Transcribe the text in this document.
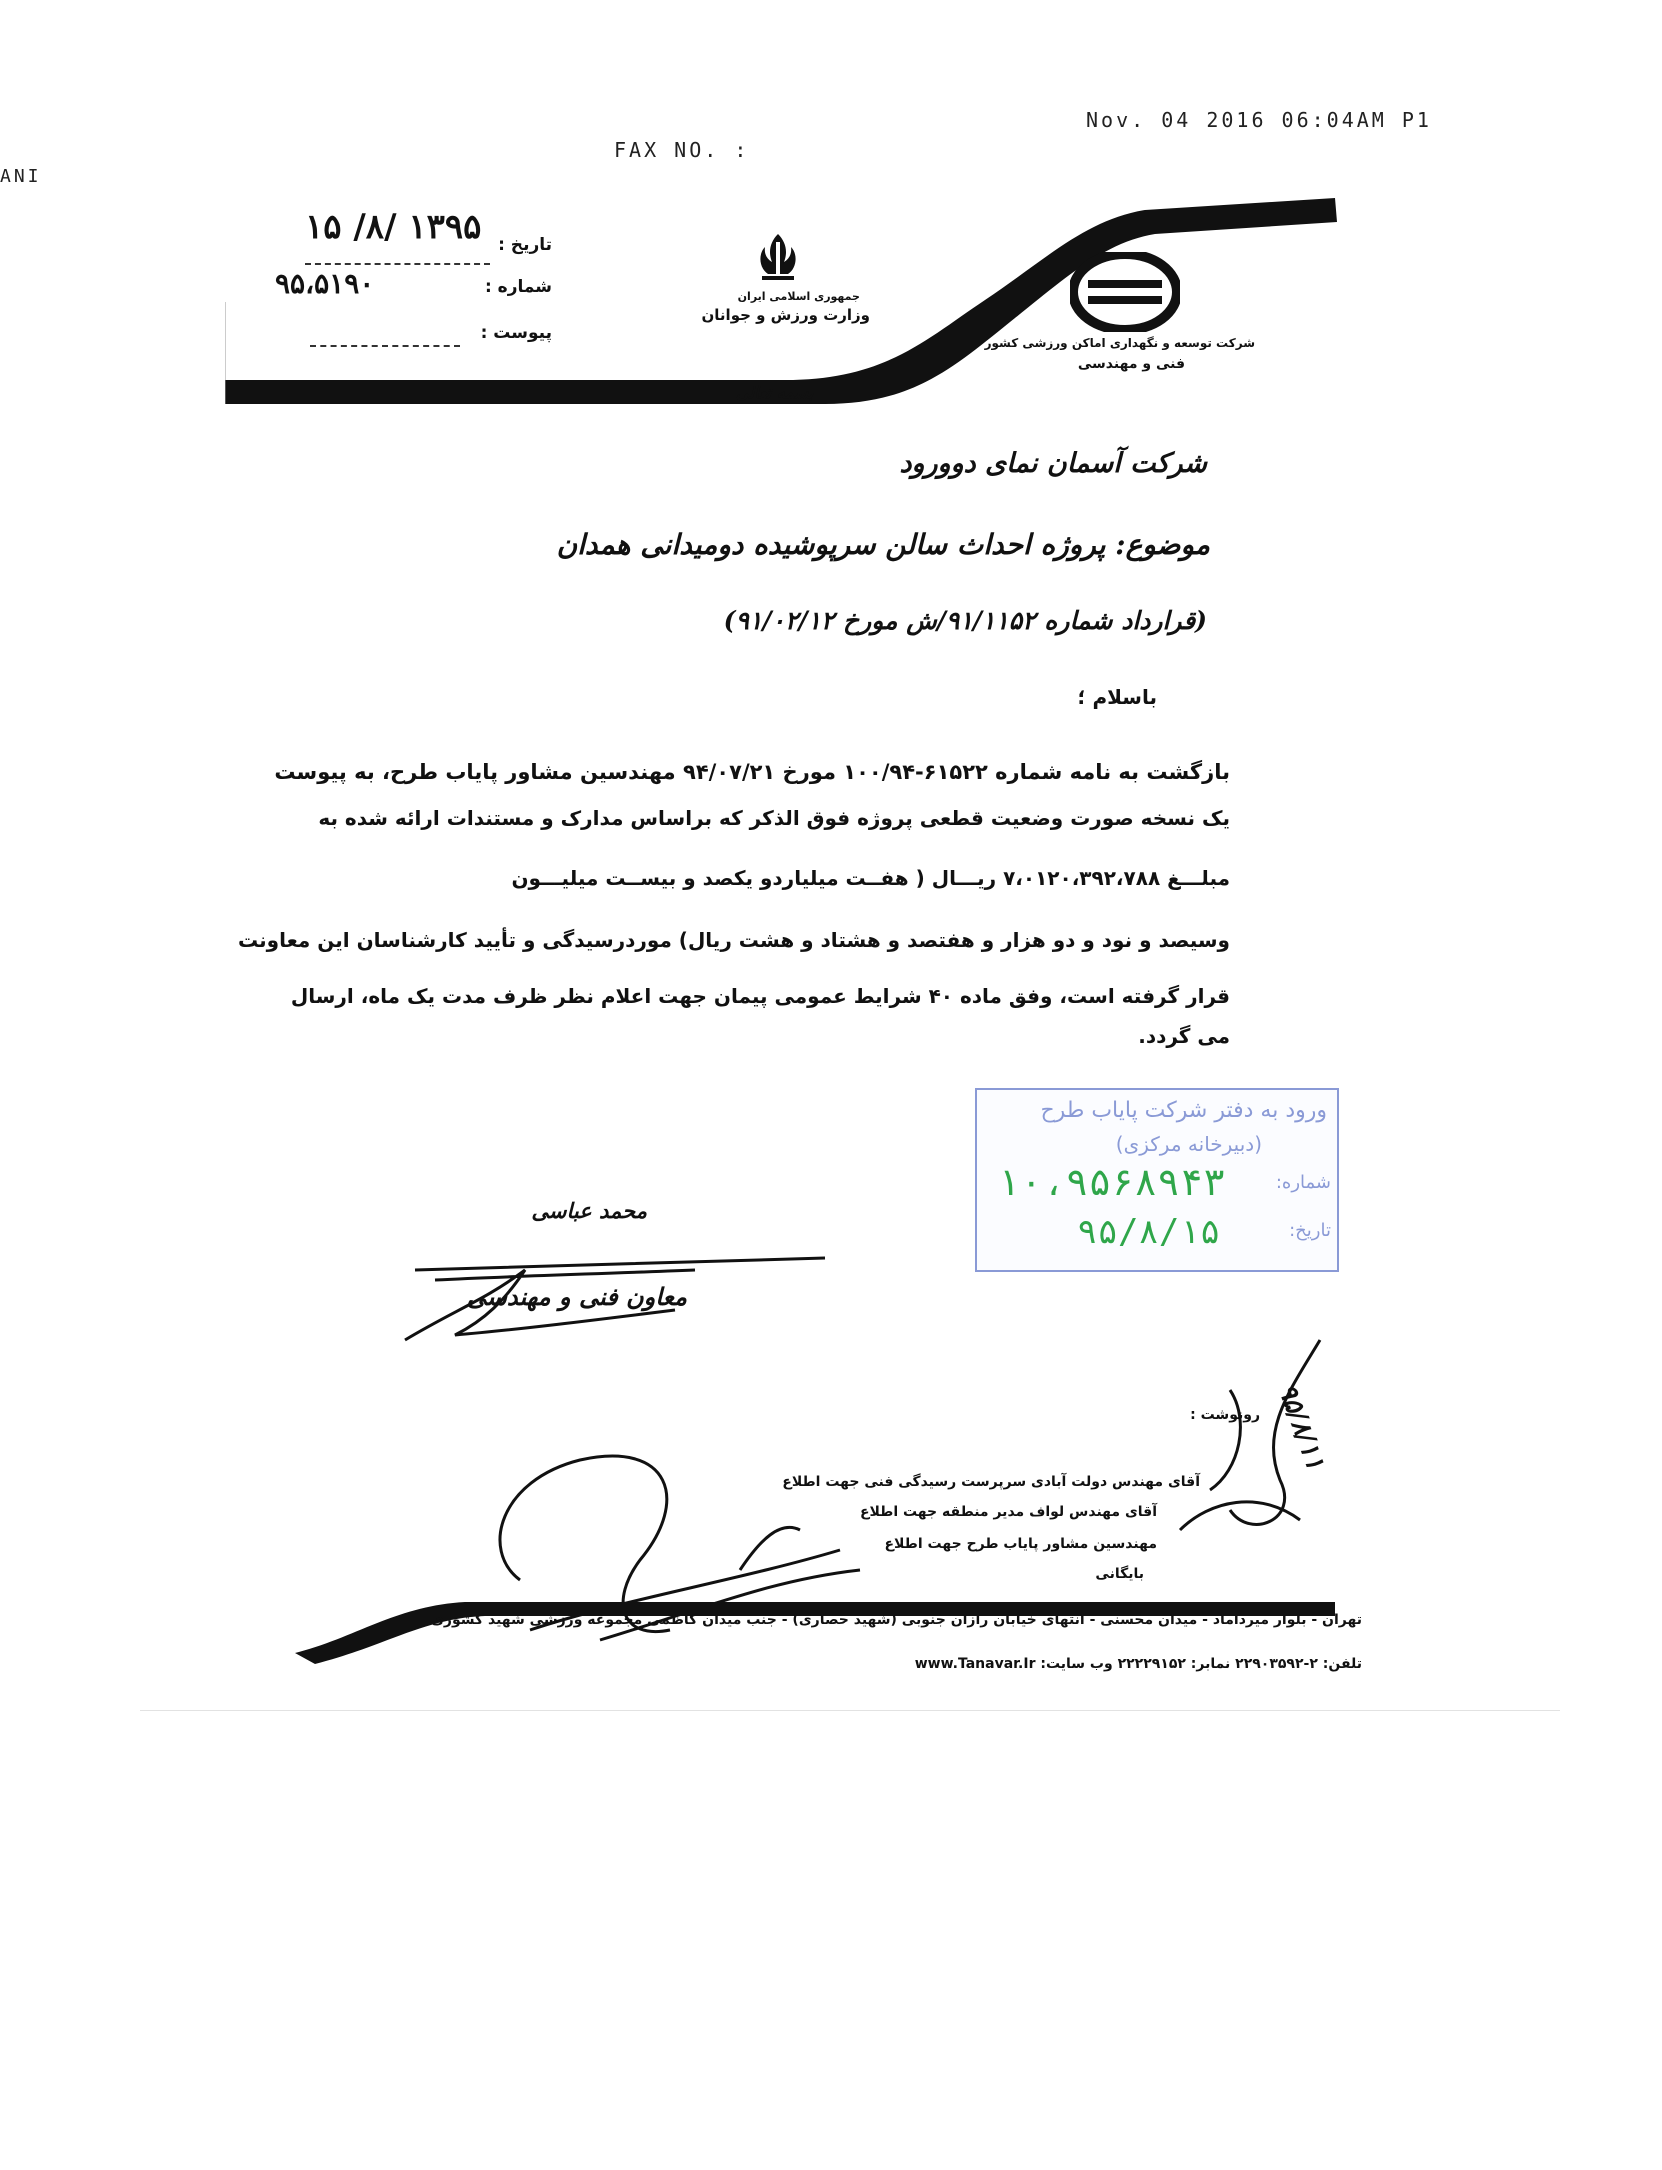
ANI
FAX NO. :
Nov. 04 2016 06:04AM P1
۱۳۹۵ /۸/ ۱۵ تاریخ :
۹۵،۵۱۹۰	شماره :
پیوست :
جمهوری اسلامی ایران
وزارت ورزش و جوانان
شرکت توسعه و نگهداری اماکن ورزشی کشور
فنی و مهندسی
بسمه تعالی
شرکت آسمان نمای دوورود
موضوع: پروژه احداث سالن سرپوشیده دومیدانی همدان
(قرارداد شماره ۹۱/۱۱۵۲/ش مورخ ۹۱/۰۲/۱۲)
باسلام ؛
بازگشت به نامه شماره ۶۱۵۲۲-۱۰۰/۹۴ مورخ ۹۴/۰۷/۲۱ مهندسین مشاور پایاب طرح، به پیوست
یک نسخه صورت وضعیت قطعی پروژه فوق الذکر که براساس مدارک و مستندات ارائه شده به
مبلـــغ ۷،۰۱۲۰،۳۹۲،۷۸۸ ریـــال ( هفــت میلیاردو یکصد و بیســت میلیـــون
وسیصد و نود و دو هزار و هفتصد و هشتاد و هشت ریال) موردرسیدگی و تأیید کارشناسان این معاونت
قرار گرفته است، وفق ماده ۴۰ شرایط عمومی پیمان جهت اعلام نظر ظرف مدت یک ماه، ارسال
می گردد.
ورود به دفتر شرکت پایاب طرح
(دبیرخانه مرکزی)
شماره:
۱۰،۹۵۶۸۹۴۳
تاریخ:
۹۵/۸/۱۵
محمد عباسی
معاون فنی و مهندسی
رونوشت :
آقای مهندس دولت آبادی سرپرست رسیدگی فنی جهت اطلاع
آقای مهندس لواف مدیر منطقه جهت اطلاع
مهندسین مشاور پایاب طرح جهت اطلاع
بایگانی
۹۵/۸/۱۱
تهران - بلوار میرداماد - میدان محسنی - انتهای خیابان رازان جنوبی (شهید حصاری) - جنب میدان کاظمی مجموعه ورزشی شهید کشوری
تلفن: ۲-۲۲۹۰۳۵۹۲ نمابر: ۲۲۲۲۹۱۵۲ وب سایت: www.Tanavar.Ir
